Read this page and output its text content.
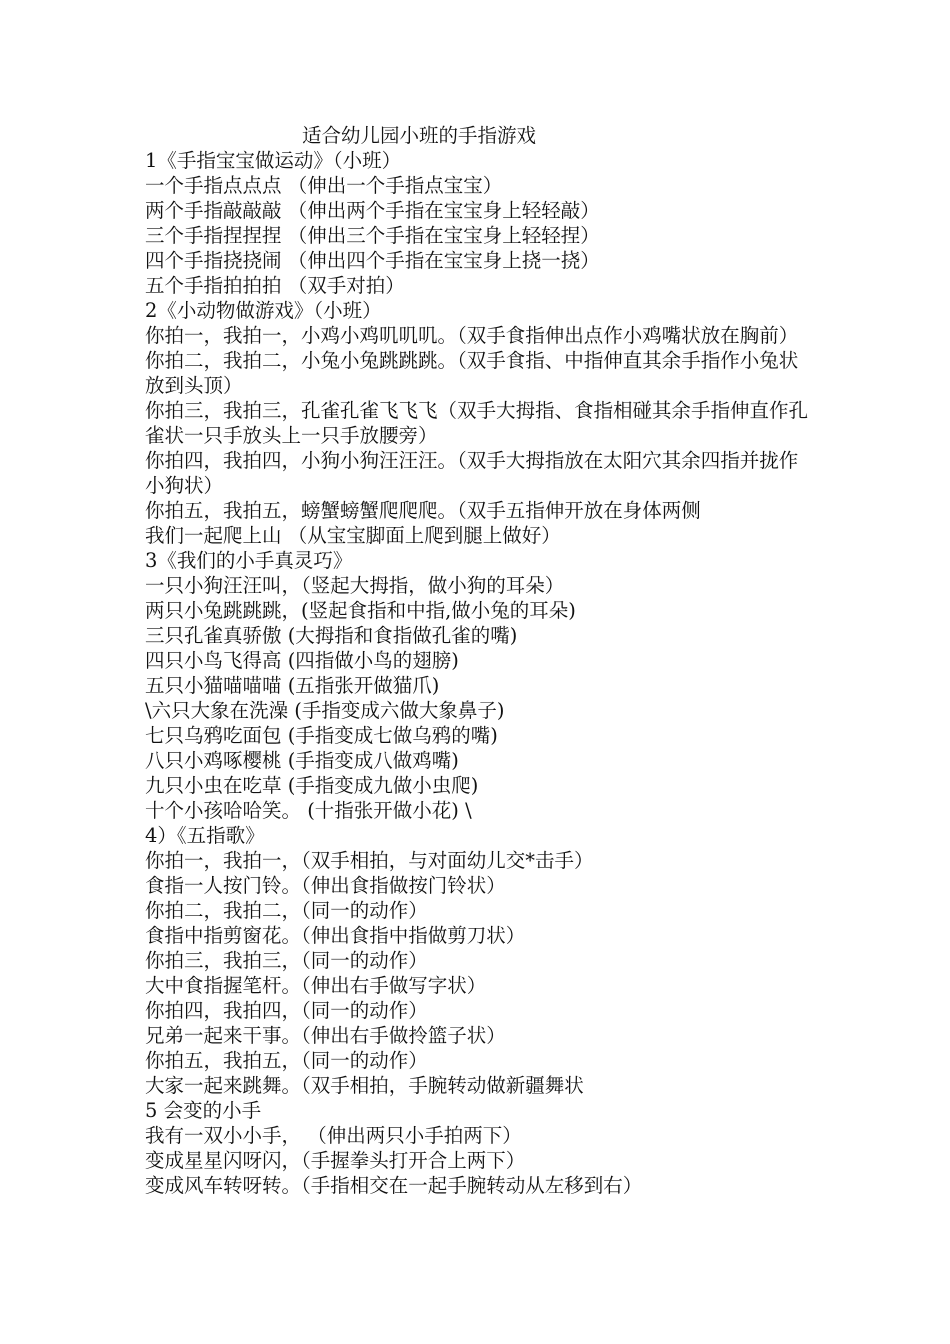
适合幼儿园小班的手指游戏
1《手指宝宝做运动》（小班）
一个手指点点点 （伸出一个手指点宝宝）
两个手指敲敲敲 （伸出两个手指在宝宝身上轻轻敲）
三个手指捏捏捏 （伸出三个手指在宝宝身上轻轻捏）
四个手指挠挠闹 （伸出四个手指在宝宝身上挠一挠）
五个手指拍拍拍 （双手对拍）
2《小动物做游戏》（小班）
你拍一，我拍一，小鸡小鸡叽叽叽。（双手食指伸出点作小鸡嘴状放在胸前）
你拍二，我拍二，小兔小兔跳跳跳。（双手食指、中指伸直其余手指作小兔状放到头顶）
你拍三，我拍三，孔雀孔雀飞飞飞（双手大拇指、食指相碰其余手指伸直作孔雀状一只手放头上一只手放腰旁）
你拍四，我拍四，小狗小狗汪汪汪。（双手大拇指放在太阳穴其余四指并拢作小狗状）
你拍五，我拍五，螃蟹螃蟹爬爬爬。（双手五指伸开放在身体两侧
我们一起爬上山 （从宝宝脚面上爬到腿上做好）
3《我们的小手真灵巧》
一只小狗汪汪叫，（竖起大拇指，做小狗的耳朵）
两只小兔跳跳跳，(竖起食指和中指,做小兔的耳朵)
三只孔雀真骄傲 (大拇指和食指做孔雀的嘴)
四只小鸟飞得高 (四指做小鸟的翅膀)
五只小猫喵喵喵 (五指张开做猫爪)
\六只大象在洗澡 (手指变成六做大象鼻子)
七只乌鸦吃面包 (手指变成七做乌鸦的嘴)
八只小鸡啄樱桃 (手指变成八做鸡嘴)
九只小虫在吃草 (手指变成九做小虫爬)
十个小孩哈哈笑。 (十指张开做小花) \
4）《五指歌》
你拍一，我拍一，（双手相拍，与对面幼儿交*击手）
食指一人按门铃。（伸出食指做按门铃状）
你拍二，我拍二，（同一的动作）
食指中指剪窗花。（伸出食指中指做剪刀状）
你拍三，我拍三，（同一的动作）
大中食指握笔杆。（伸出右手做写字状）
你拍四，我拍四，（同一的动作）
兄弟一起来干事。（伸出右手做拎篮子状）
你拍五，我拍五，（同一的动作）
大家一起来跳舞。（双手相拍，手腕转动做新疆舞状
5 会变的小手
我有一双小小手， （伸出两只小手拍两下）
变成星星闪呀闪，（手握拳头打开合上两下）
变成风车转呀转。（手指相交在一起手腕转动从左移到右）
